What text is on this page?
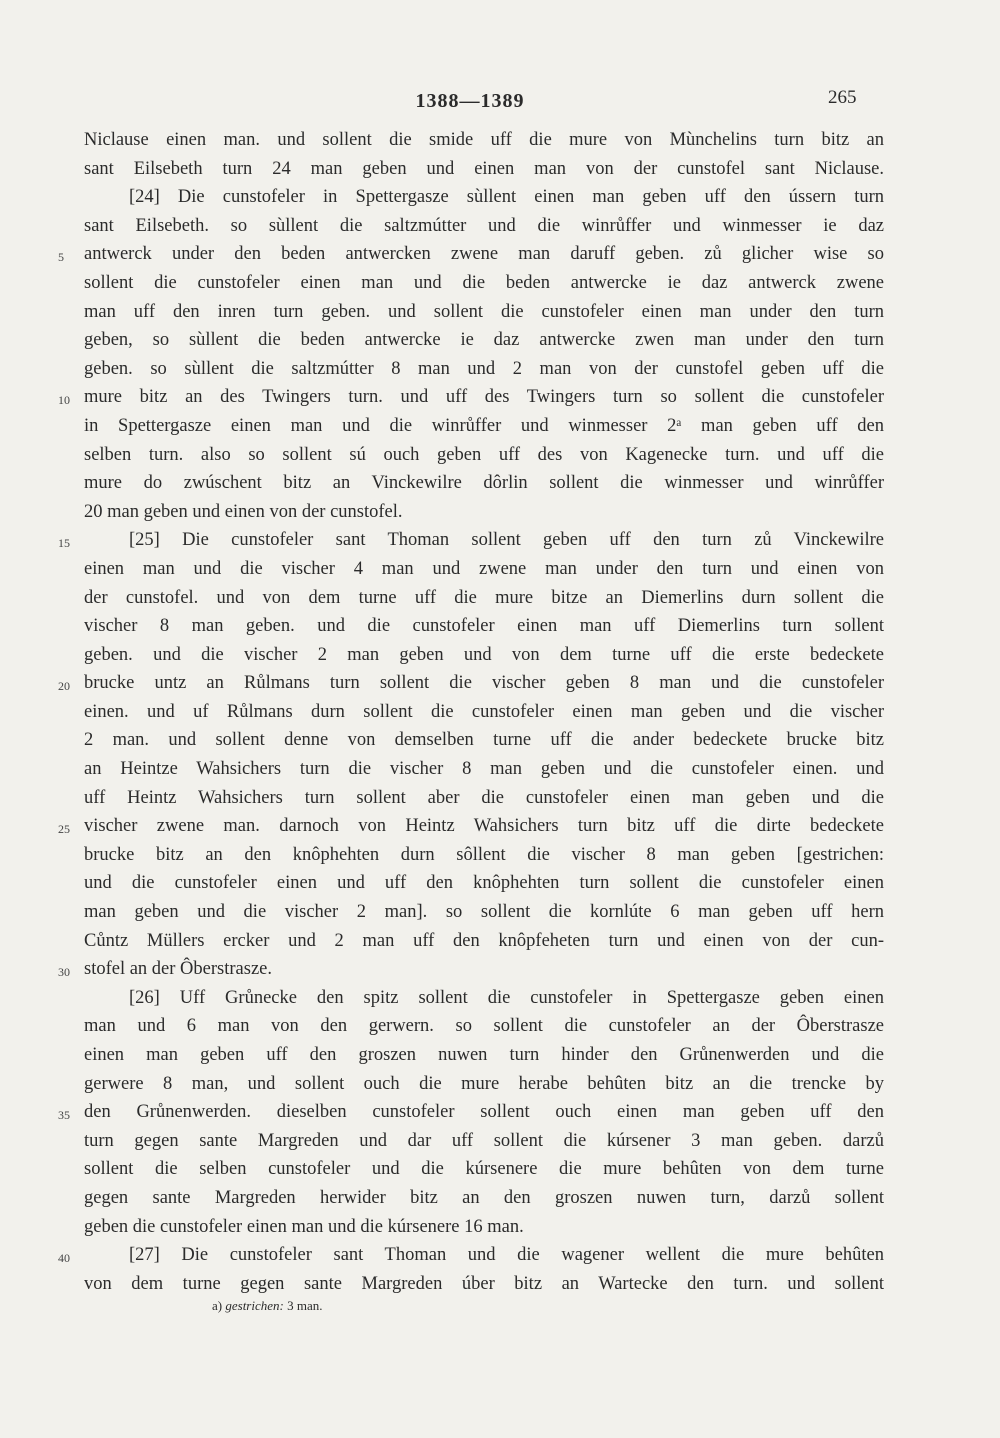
1388—1389	265
Niclause einen man. und sollent die smide uff die mure von Mùnchelins turn bitz an
sant Eilsebeth turn 24 man geben und einen man von der cunstofel sant Niclause.
[24] Die cunstofeler in Spettergasze sùllent einen man geben uff den ússern turn
sant Eilsebeth. so sùllent die saltzmútter und die winrůffer und winmesser ie daz
5 antwerck under den beden antwercken zwene man daruff geben. zů glicher wise so
sollent die cunstofeler einen man und die beden antwercke ie daz antwerck zwene
man uff den inren turn geben. und sollent die cunstofeler einen man under den turn
geben, so sùllent die beden antwercke ie daz antwercke zwen man under den turn
geben. so sùllent die saltzmútter 8 man und 2 man von der cunstofel geben uff die
10 mure bitz an des Twingers turn. und uff des Twingers turn so sollent die cunstofeler
in Spettergasze einen man und die winrůffer und winmesser 2ᵃ man geben uff den
selben turn. also so sollent sú ouch geben uff des von Kagenecke turn. und uff die
mure do zwúschent bitz an Vinckewilre dôrlin sollent die winmesser und winrůffer
20 man geben und einen von der cunstofel.
15	[25] Die cunstofeler sant Thoman sollent geben uff den turn zů Vinckewilre
einen man und die vischer 4 man und zwene man under den turn und einen von
der cunstofel. und von dem turne uff die mure bitze an Diemerlins durn sollent die
vischer 8 man geben. und die cunstofeler einen man uff Diemerlins turn sollent
geben. und die vischer 2 man geben und von dem turne uff die erste bedeckete
20 brucke untz an Růlmans turn sollent die vischer geben 8 man und die cunstofeler
einen. und uf Růlmans durn sollent die cunstofeler einen man geben und die vischer
2 man. und sollent denne von demselben turne uff die ander bedeckete brucke bitz
an Heintze Wahsichers turn die vischer 8 man geben und die cunstofeler einen. und
uff Heintz Wahsichers turn sollent aber die cunstofeler einen man geben und die
25 vischer zwene man. darnoch von Heintz Wahsichers turn bitz uff die dirte bedeckete
brucke bitz an den knôphehten durn sôllent die vischer 8 man geben [gestrichen:
und die cunstofeler einen und uff den knôphehten turn sollent die cunstofeler einen
man geben und die vischer 2 man]. so sollent die kornlúte 6 man geben uff hern
Cůntz Müllers ercker und 2 man uff den knôpfeheten turn und einen von der cun-
30 stofel an der Ôberstrasze.
[26] Uff Grůnecke den spitz sollent die cunstofeler in Spettergasze geben einen
man und 6 man von den gerwern. so sollent die cunstofeler an der Ôberstrasze
einen man geben uff den groszen nuwen turn hinder den Grůnenwerden und die
gerwere 8 man, und sollent ouch die mure herabe behûten bitz an die trencke by
35 den Grůnenwerden. dieselben cunstofeler sollent ouch einen man geben uff den
turn gegen sante Margreden und dar uff sollent die kúrsener 3 man geben. darzů
sollent die selben cunstofeler und die kúrsenere die mure behûten von dem turne
gegen sante Margreden herwider bitz an den groszen nuwen turn, darzů sollent
geben die cunstofeler einen man und die kúrsenere 16 man.
40	[27] Die cunstofeler sant Thoman und die wagener wellent die mure behûten
von dem turne gegen sante Margreden úber bitz an Wartecke den turn. und sollent
a) gestrichen: 3 man.
